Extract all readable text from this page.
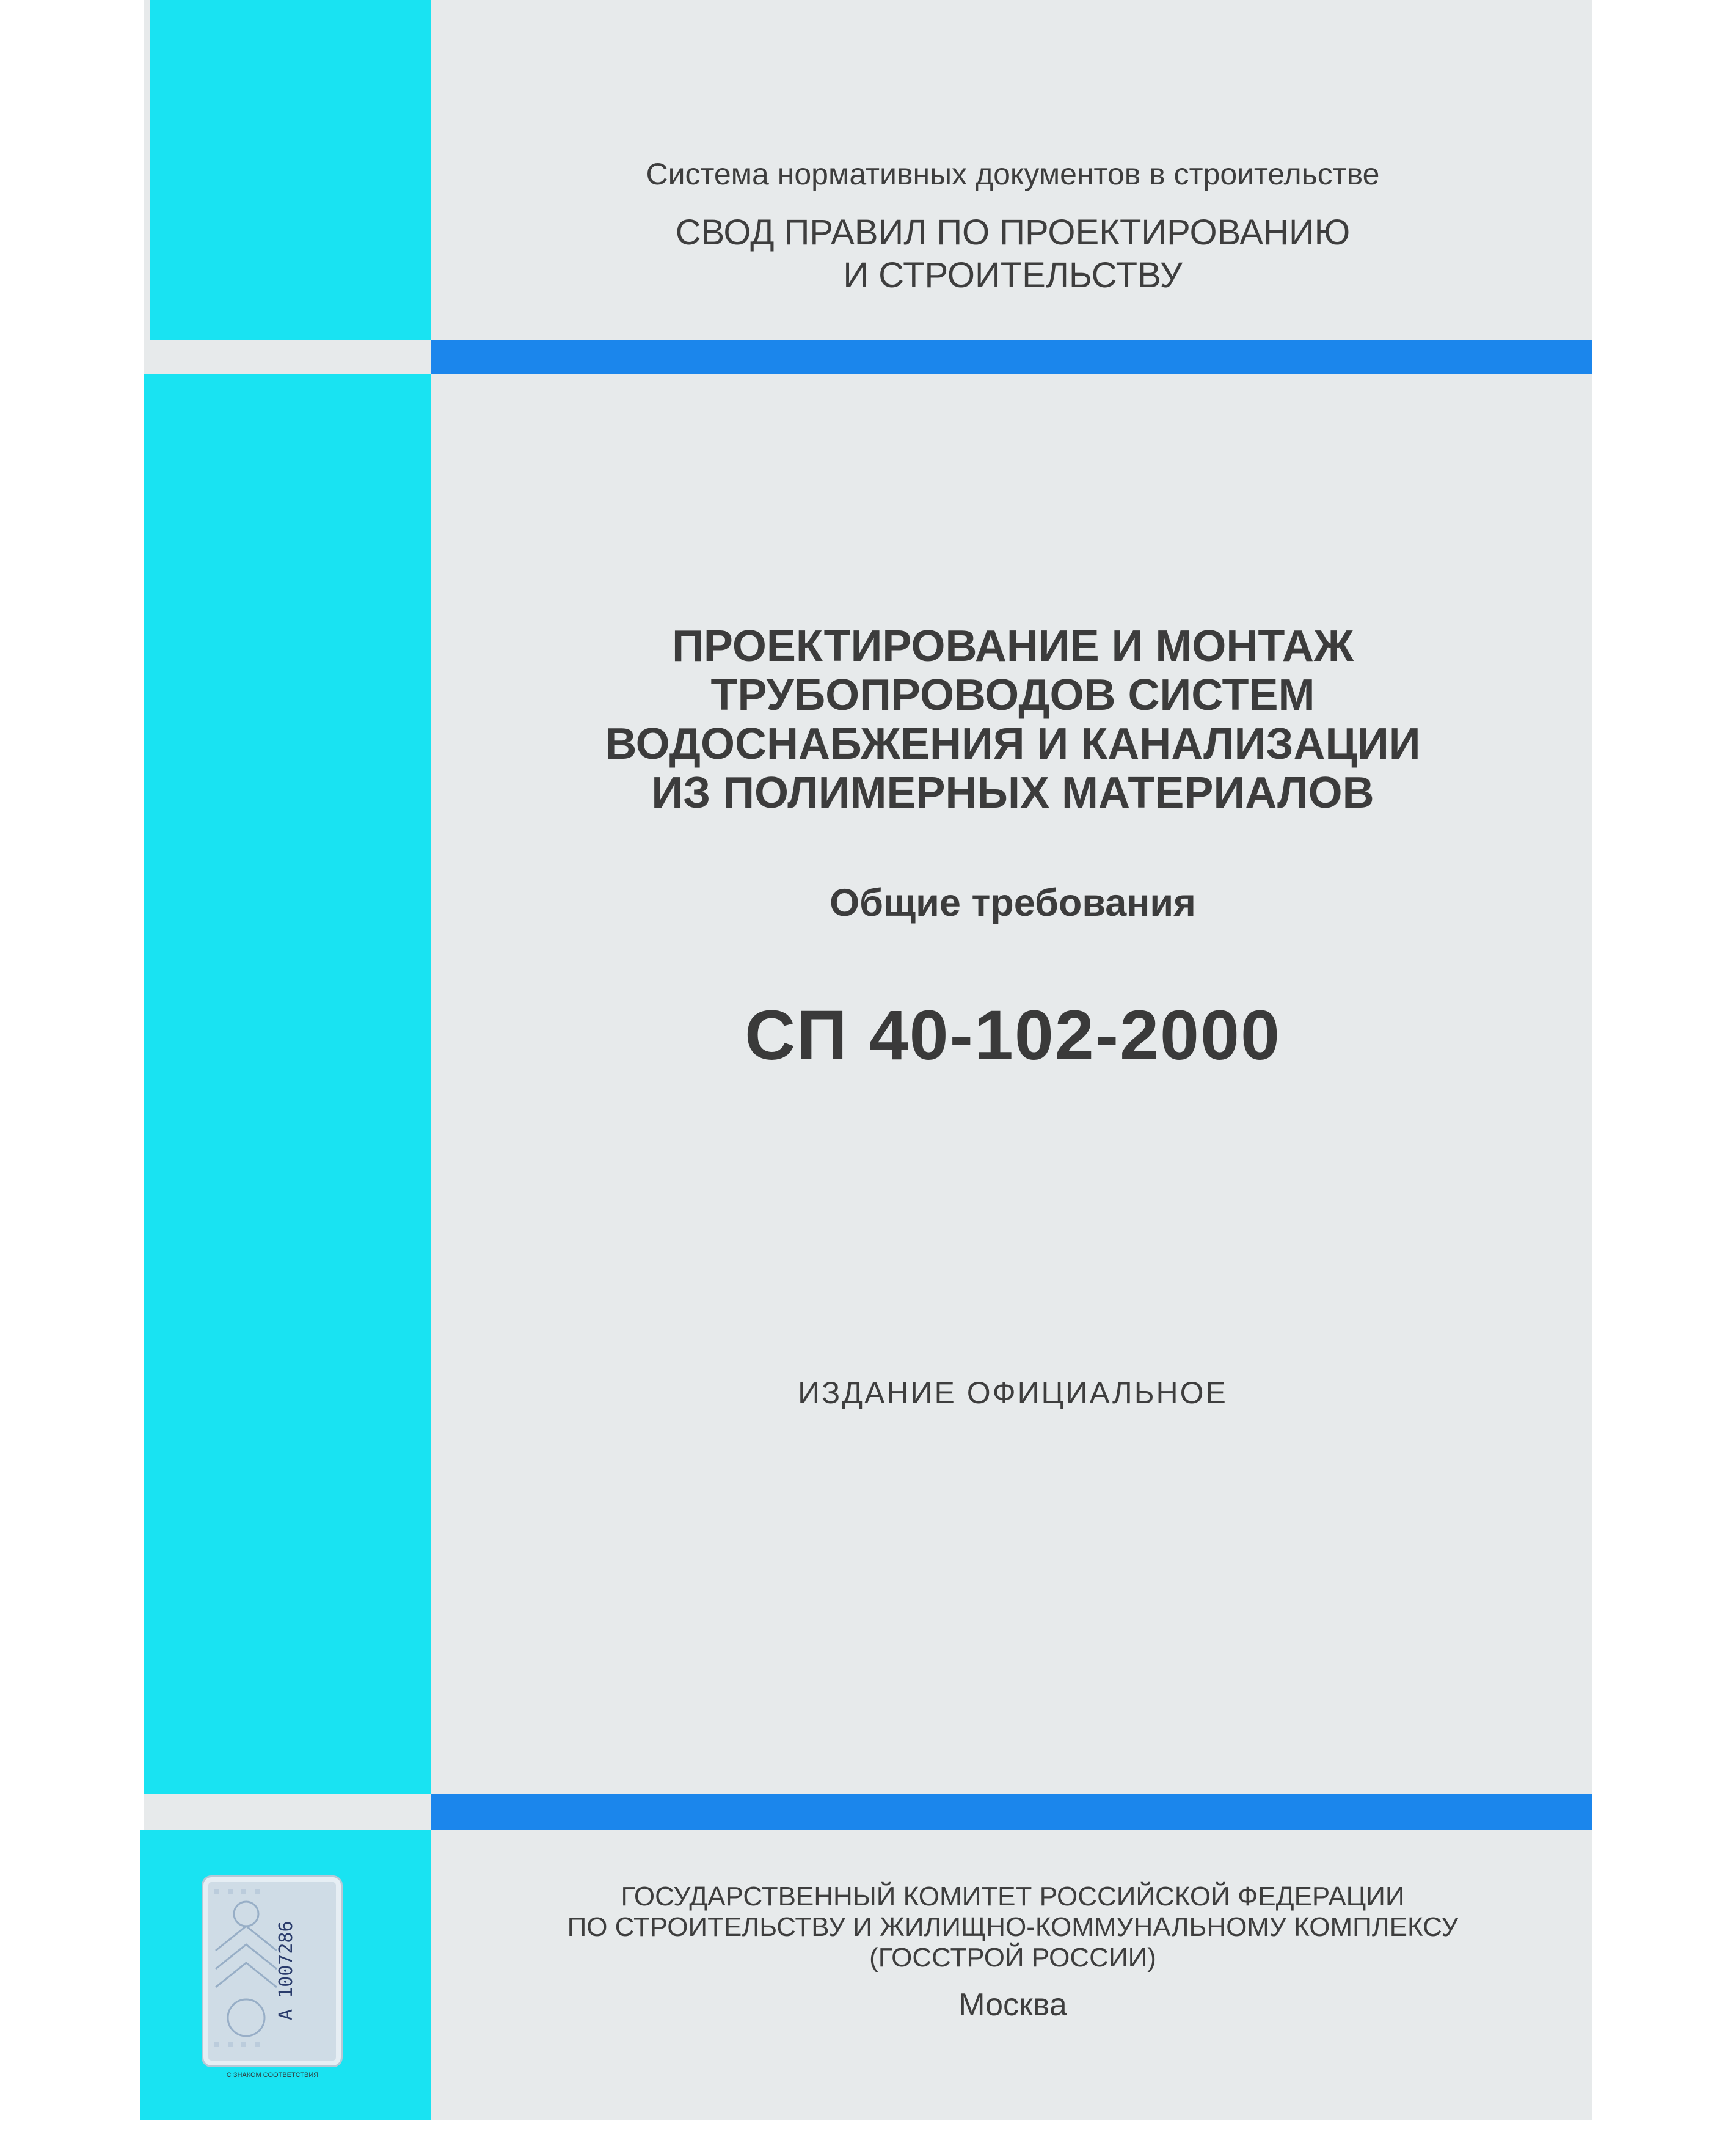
Система нормативных документов в строительстве
СВОД ПРАВИЛ ПО ПРОЕКТИРОВАНИЮ
И СТРОИТЕЛЬСТВУ
ПРОЕКТИРОВАНИЕ И МОНТАЖ
ТРУБОПРОВОДОВ СИСТЕМ
ВОДОСНАБЖЕНИЯ И КАНАЛИЗАЦИИ
ИЗ ПОЛИМЕРНЫХ МАТЕРИАЛОВ
Общие требования
СП 40-102-2000
ИЗДАНИЕ ОФИЦИАЛЬНОЕ
ГОСУДАРСТВЕННЫЙ КОМИТЕТ РОССИЙСКОЙ ФЕДЕРАЦИИ
ПО СТРОИТЕЛЬСТВУ И ЖИЛИЩНО-КОММУНАЛЬНОМУ КОМПЛЕКСУ
(ГОССТРОЙ РОССИИ)
Москва
А 1007286
С ЗНАКОМ СООТВЕТСТВИЯ
